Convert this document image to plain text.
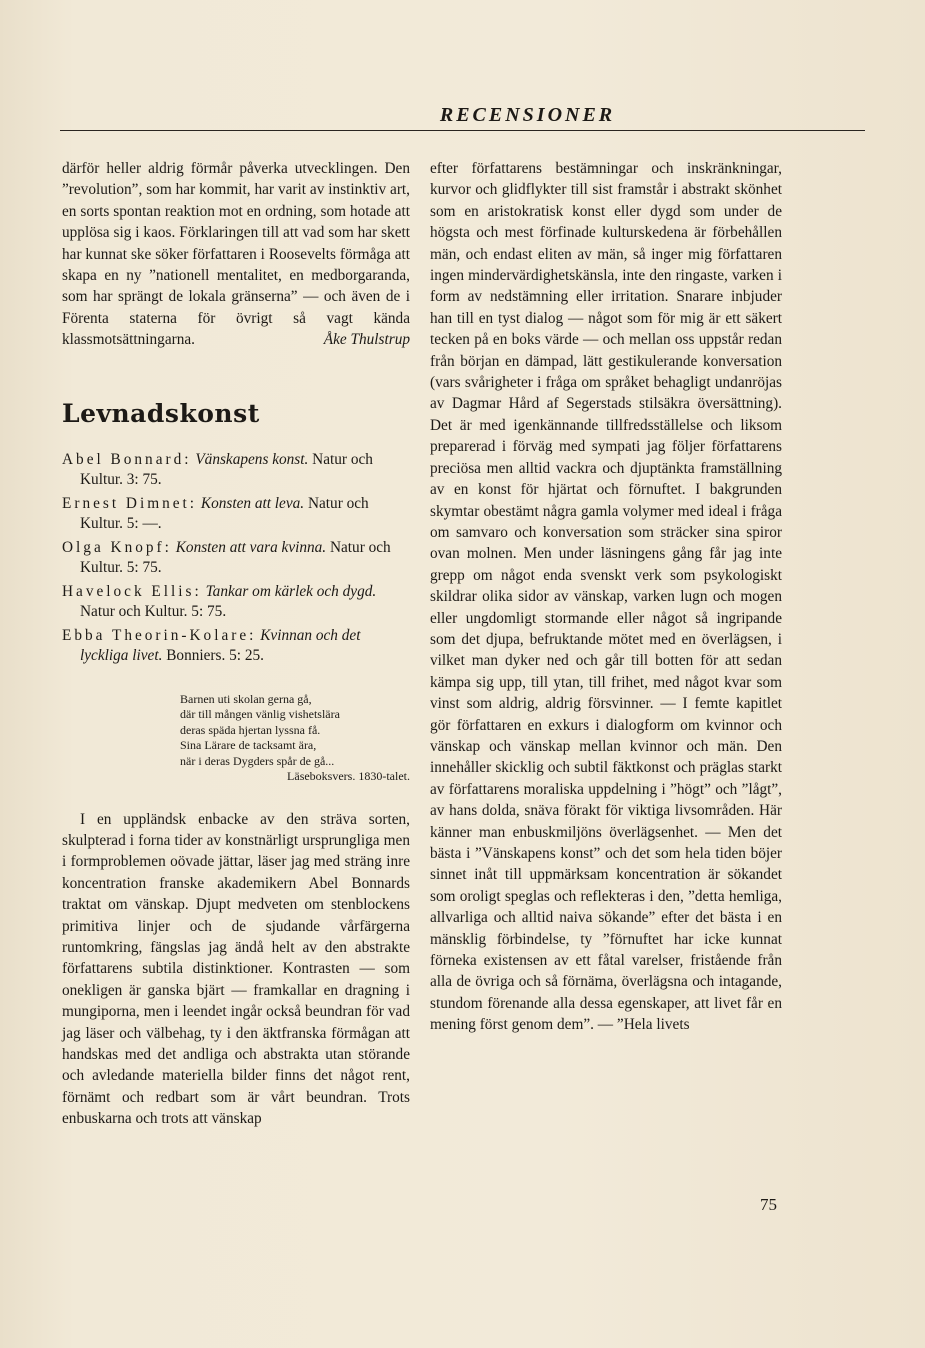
RECENSIONER

därför heller aldrig förmår påverka utvecklingen. Den ”revolution”, som har kommit, har varit av instinktiv art, en sorts spontan reaktion mot en ordning, som hotade att upplösa sig i kaos. Förklaringen till att vad som har skett har kunnat ske söker författaren i Roosevelts förmåga att skapa en ny ”nationell mentalitet, en medborgaranda, som har sprängt de lokala gränserna” — och även de i Förenta staterna för övrigt så vagt kända klassmotsättningarna.	Åke Thulstrup
Levnadskonst
Abel Bonnard: Vänskapens konst. Natur och Kultur. 3: 75.
Ernest Dimnet: Konsten att leva. Natur och Kultur. 5: —.
Olga Knopf: Konsten att vara kvinna. Natur och Kultur. 5: 75.
Havelock Ellis: Tankar om kärlek och dygd. Natur och Kultur. 5: 75.
Ebba Theorin-Kolare: Kvinnan och det lyckliga livet. Bonniers. 5: 25.
Barnen uti skolan gerna gå,
där till mången vänlig vishetslära
deras späda hjertan lyssna få.
Sina Lärare de tacksamt ära,
när i deras Dygders spår de gå...
Läseboksvers. 1830-talet.

I en uppländsk enbacke av den sträva sorten, skulpterad i forna tider av konstnärligt ursprungliga men i formproblemen oövade jättar, läser jag med sträng inre koncentration franske akademikern Abel Bonnards traktat om vänskap. Djupt medveten om stenblockens primitiva linjer och de sjudande vårfärgerna runtomkring, fängslas jag ändå helt av den abstrakte författarens subtila distinktioner. Kontrasten — som onekligen är ganska bjärt — framkallar en dragning i mungiporna, men i leendet ingår också beundran för vad jag läser och välbehag, ty i den äktfranska förmågan att handskas med det andliga och abstrakta utan störande och avledande materiella bilder finns det något rent, förnämt och redbart som är vårt beundran. Trots enbuskarna och trots att vänskap

efter författarens bestämningar och inskränkningar, kurvor och glidflykter till sist framstår i abstrakt skönhet som en aristokratisk konst eller dygd som under de högsta och mest förfinade kulturskedena är förbehållen män, och endast eliten av män, så inger mig författaren ingen mindervärdighetskänsla, inte den ringaste, varken i form av nedstämning eller irritation. Snarare inbjuder han till en tyst dialog — något som för mig är ett säkert tecken på en boks värde — och mellan oss uppstår redan från början en dämpad, lätt gestikulerande konversation (vars svårigheter i fråga om språket behagligt undanröjas av Dagmar Hård af Segerstads stilsäkra översättning). Det är med igenkännande tillfredsställelse och liksom preparerad i förväg med sympati jag följer författarens preciösa men alltid vackra och djuptänkta framställning av en konst för hjärtat och förnuftet. I bakgrunden skymtar obestämt några gamla volymer med ideal i fråga om samvaro och konversation som sträcker sina spiror ovan molnen. Men under läsningens gång får jag inte grepp om något enda svenskt verk som psykologiskt skildrar olika sidor av vänskap, varken lugn och mogen eller ungdomligt stormande eller något så ingripande som det djupa, befruktande mötet med en överlägsen, i vilket man dyker ned och går till botten för att sedan kämpa sig upp, till ytan, till frihet, med något kvar som vinst som aldrig, aldrig försvinner. — I femte kapitlet gör författaren en exkurs i dialogform om kvinnor och vänskap och vänskap mellan kvinnor och män. Den innehåller skicklig och subtil fäktkonst och präglas starkt av författarens moraliska uppdelning i ”högt” och ”lågt”, av hans dolda, snäva förakt för viktiga livsområden. Här känner man enbuskmiljöns överlägsenhet. — Men det bästa i ”Vänskapens konst” och det som hela tiden böjer sinnet inåt till uppmärksam koncentration är sökandet som oroligt speglas och reflekteras i den, ”detta hemliga, allvarliga och alltid naiva sökande” efter det bästa i en mänsklig förbindelse, ty ”förnuftet har icke kunnat förneka existensen av ett fåtal varelser, fristående från alla de övriga och så förnäma, överlägsna och intagande, stundom förenande alla dessa egenskaper, att livet får en mening först genom dem”. — ”Hela livets

75
